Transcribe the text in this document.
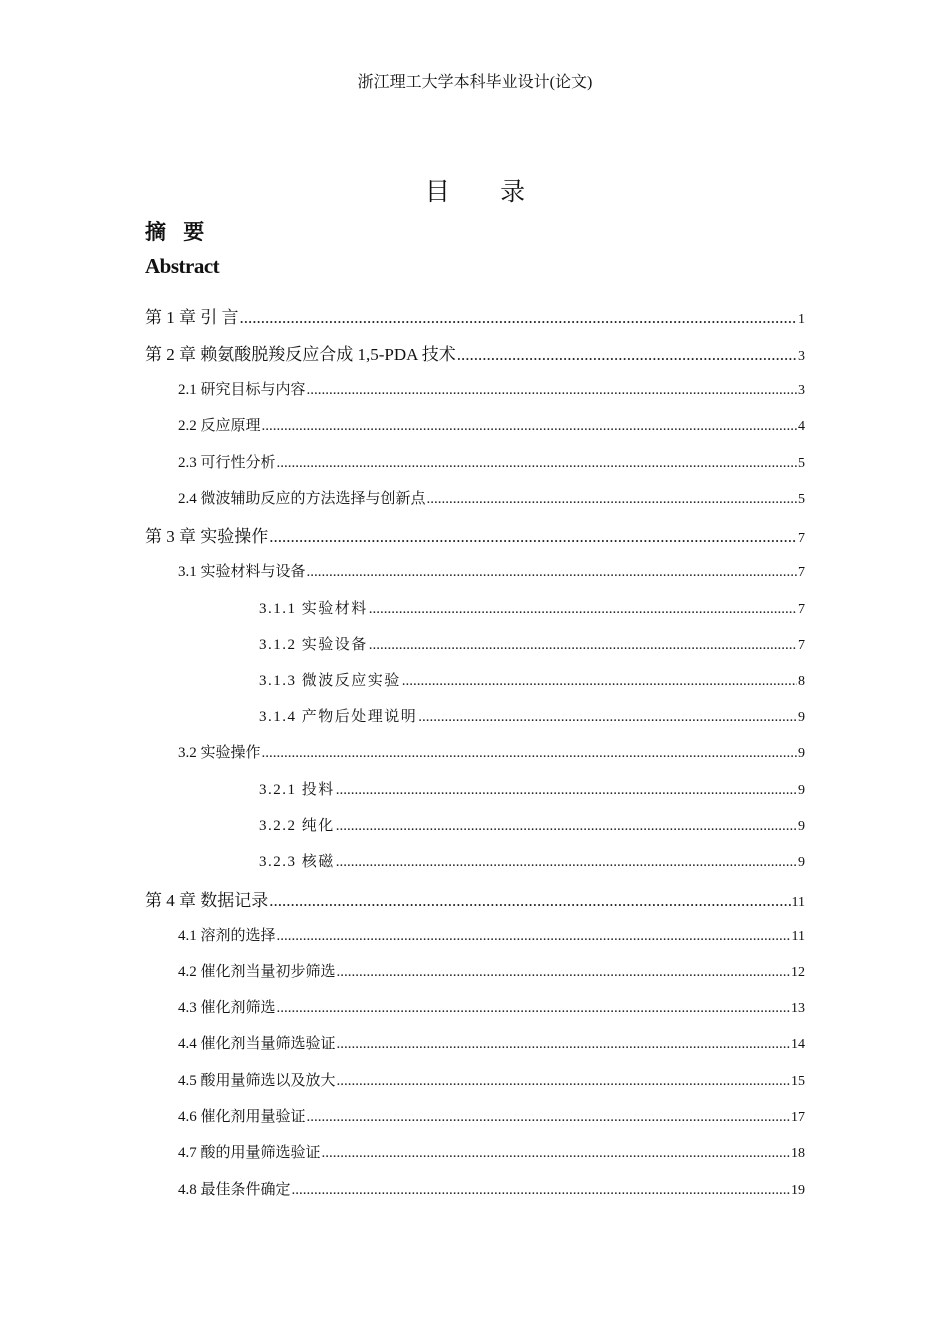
浙江理工大学本科毕业设计(论文)
目 录
摘 要
Abstract
第 1 章 引 言 .....	1
第 2 章 赖氨酸脱羧反应合成 1,5-PDA 技术 .....	3
2.1 研究目标与内容 .....	3
2.2 反应原理 .....	4
2.3 可行性分析 .....	5
2.4 微波辅助反应的方法选择与创新点 .....	5
第 3 章 实验操作 .....	7
3.1 实验材料与设备 .....	7
3.1.1 实验材料 .....	7
3.1.2 实验设备 .....	7
3.1.3 微波反应实验 .....	8
3.1.4 产物后处理说明 .....	9
3.2 实验操作 .....	9
3.2.1 投料 .....	9
3.2.2 纯化 .....	9
3.2.3 核磁 .....	9
第 4 章 数据记录 .....	11
4.1 溶剂的选择 .....	11
4.2 催化剂当量初步筛选 .....	12
4.3 催化剂筛选 .....	13
4.4 催化剂当量筛选验证 .....	14
4.5 酸用量筛选以及放大 .....	15
4.6 催化剂用量验证 .....	17
4.7 酸的用量筛选验证 .....	18
4.8 最佳条件确定 .....	19
